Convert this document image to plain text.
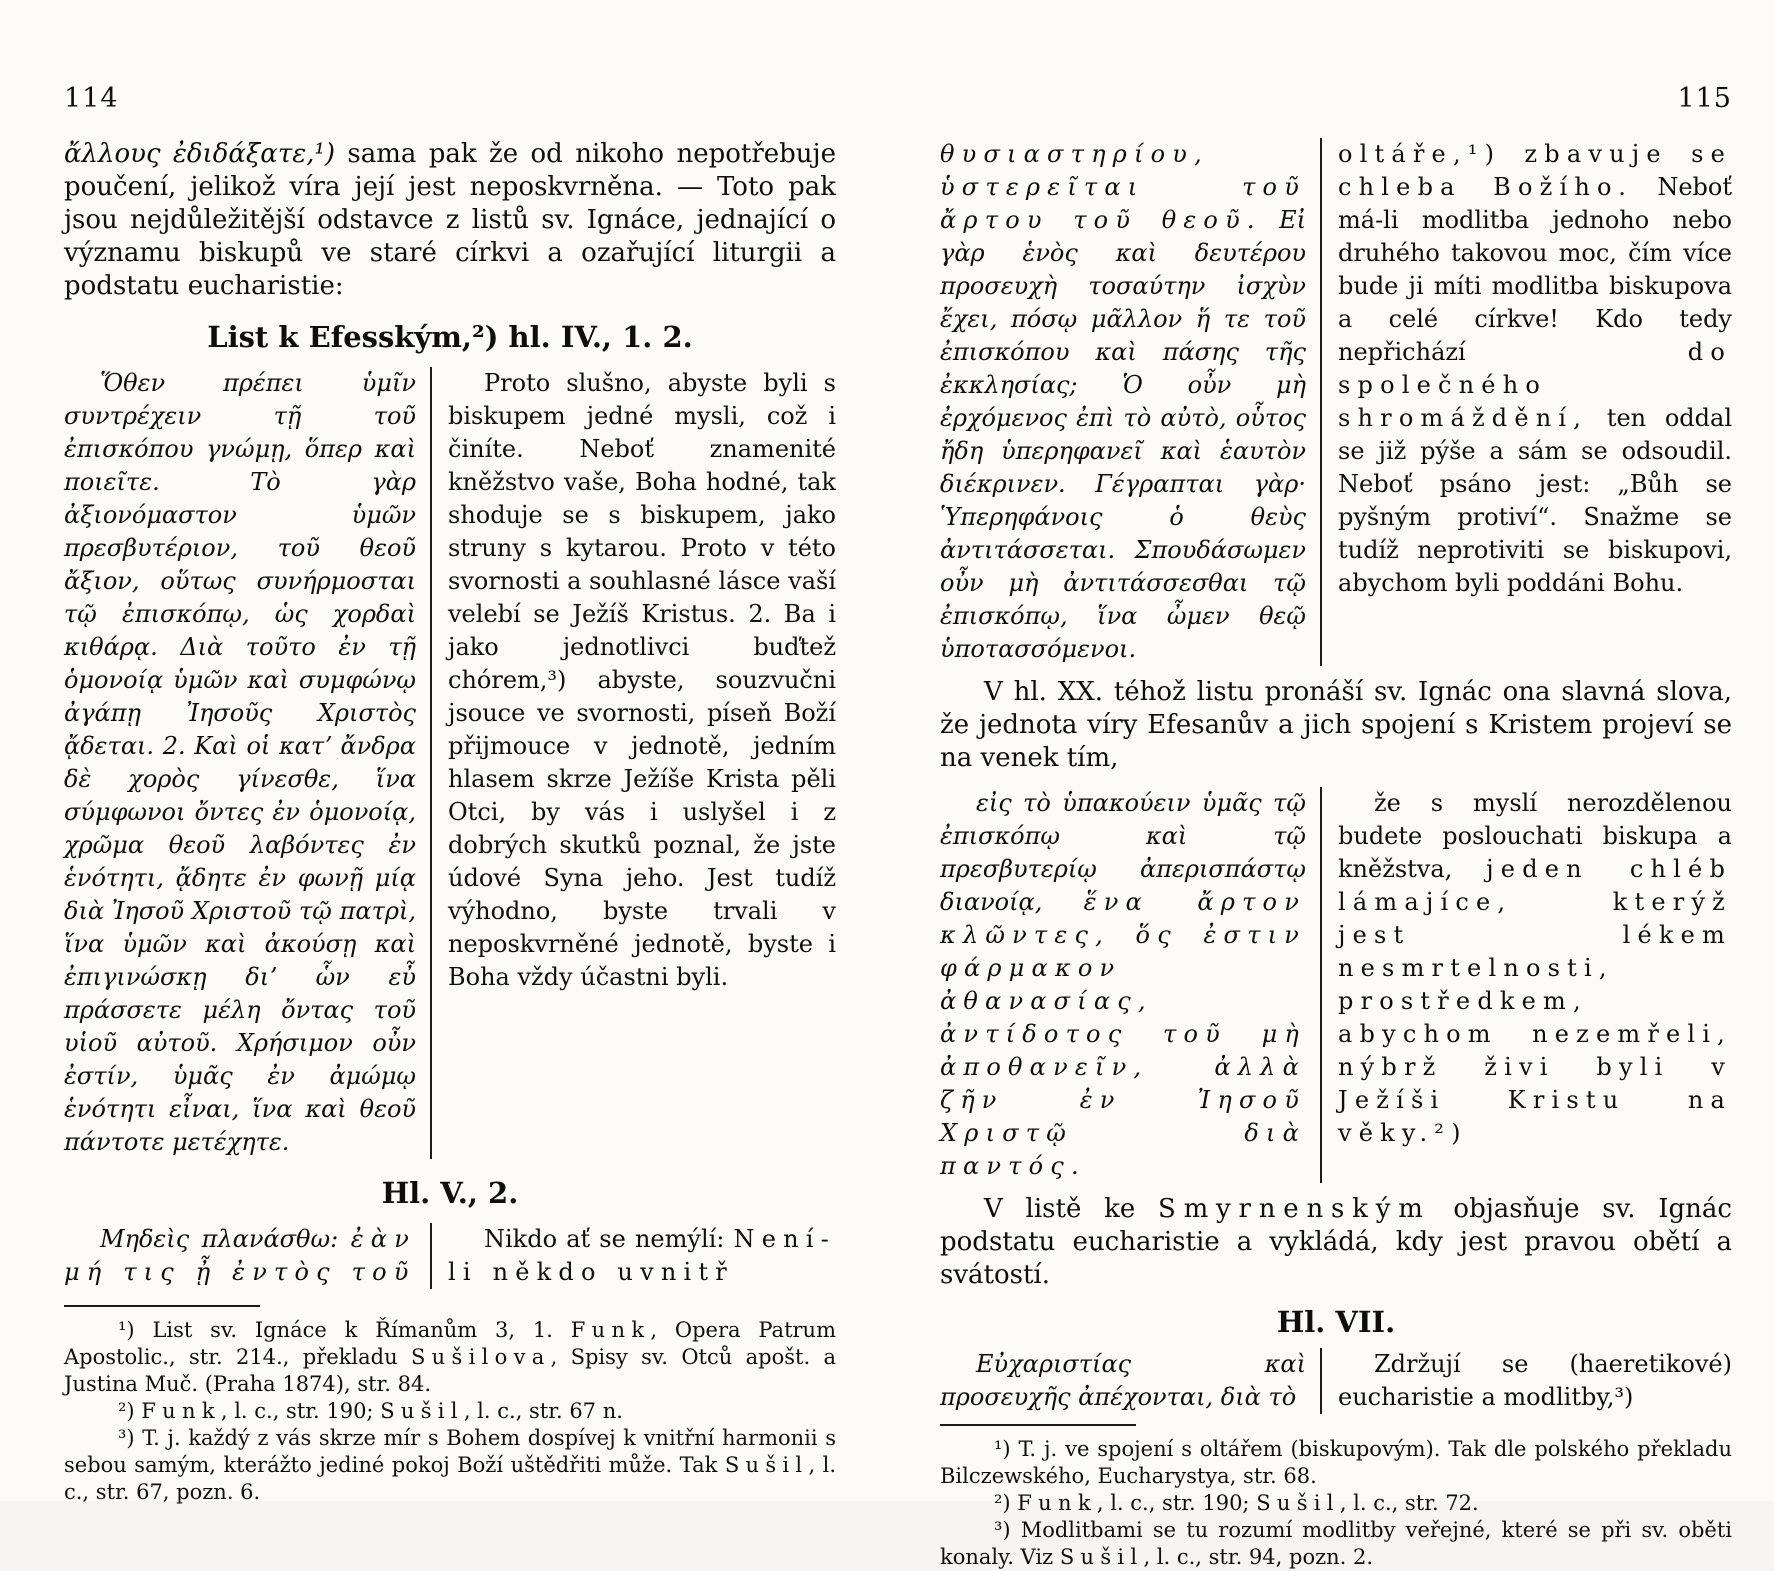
114

ἄλλους ἐδιδάξατε,¹) sama pak že od nikoho nepotřebuje poučení, jelikož víra její jest neposkvrněna. — Toto pak jsou nejdůležitější odstavce z listů sv. Ignáce, jednající o významu biskupů ve staré církvi a ozařující liturgii a podstatu eucharistie:

List k Efesským,²) hl. IV., 1. 2.
Ὅθεν πρέπει ὑμῖν συντρέχειν τῇ τοῦ ἐπισκόπου γνώμῃ, ὅπερ καὶ ποιεῖτε. Τὸ γὰρ ἀξιονόμαστον ὑμῶν πρεσβυτέριον, τοῦ θεοῦ ἄξιον, οὕτως συνήρμοσται τῷ ἐπισκόπῳ, ὡς χορδαὶ κιθάρᾳ. Διὰ τοῦτο ἐν τῇ ὁμονοίᾳ ὑμῶν καὶ συμφώνῳ ἀγάπῃ Ἰησοῦς Χριστὸς ᾄδεται. 2. Καὶ οἱ κατʼ ἄνδρα δὲ χορὸς γίνεσθε, ἵνα σύμφωνοι ὄντες ἐν ὁμονοίᾳ, χρῶμα θεοῦ λαβόντες ἐν ἑνότητι, ᾄδητε ἐν φωνῇ μίᾳ διὰ Ἰησοῦ Χριστοῦ τῷ πατρὶ, ἵνα ὑμῶν καὶ ἀκούσῃ καὶ ἐπιγινώσκῃ διʼ ὧν εὖ πράσσετε μέλη ὄντας τοῦ υἱοῦ αὐτοῦ. Χρήσιμον οὖν ἐστίν, ὑμᾶς ἐν ἀμώμῳ ἑνότητι εἶναι, ἵνα καὶ θεοῦ πάντοτε μετέχητε.
Proto slušno, abyste byli s biskupem jedné mysli, což i činíte. Neboť znamenité kněžstvo vaše, Boha hodné, tak shoduje se s biskupem, jako struny s kytarou. Proto v této svornosti a souhlasné lásce vaší velebí se Ježíš Kristus. 2. Ba i jako jednotlivci buďtež chórem,³) abyste, souzvučni jsouce ve svornosti, píseň Boží přijmouce v jednotě, jedním hlasem skrze Ježíše Krista pěli Otci, by vás i uslyšel i z dobrých skutků poznal, že jste údové Syna jeho. Jest tudíž výhodno, byste trvali v neposkvrněné jednotě, byste i Boha vždy účastni byli.
Hl. V., 2.
Μηδεὶς πλανάσθω: ἐὰν μή τις ᾖ ἐντὸς τοῦ
Nikdo ať se nemýlí: Není-li někdo uvnitř

¹) List sv. Ignáce k Římanům 3, 1. Funk, Opera Patrum Apostolic., str. 214., překladu Sušilova, Spisy sv. Otců apošt. a Justina Muč. (Praha 1874), str. 84.

²) Funk, l. c., str. 190; Sušil, l. c., str. 67 n.

³) T. j. každý z vás skrze mír s Bohem dospívej k vnitřní harmonii s sebou samým, kterážto jediné pokoj Boží uštědřiti může. Tak Sušil, l. c., str. 67, pozn. 6.

115
θυσιαστηρίου, ὑστερεῖται τοῦ ἄρτου τοῦ θεοῦ. Εἰ γὰρ ἑνὸς καὶ δευτέρου προσευχὴ τοσαύτην ἰσχὺν ἔχει, πόσῳ μᾶλλον ἥ τε τοῦ ἐπισκόπου καὶ πάσης τῆς ἐκκλησίας; Ὁ οὖν μὴ ἐρχόμενος ἐπὶ τὸ αὐτὸ, οὗτος ἤδη ὑπερηφανεῖ καὶ ἑαυτὸν διέκρινεν. Γέγραπται γὰρ· Ὑπερηφάνοις ὁ θεὺς ἀντιτάσσεται. Σπουδάσωμεν οὖν μὴ ἀντιτάσσεσθαι τῷ ἐπισκόπῳ, ἵνα ὦμεν θεῷ ὑποτασσόμενοι.
oltáře,¹) zbavuje se chleba Božího. Neboť má-li modlitba jednoho nebo druhého takovou moc, čím více bude ji míti modlitba biskupova a celé církve! Kdo tedy nepřichází do společného shromáždění, ten oddal se již pýše a sám se odsoudil. Neboť psáno jest: „Bůh se pyšným protiví“. Snažme se tudíž neprotiviti se biskupovi, abychom byli poddáni Bohu.

V hl. XX. téhož listu pronáší sv. Ignác ona slavná slova, že jednota víry Efesanův a jich spojení s Kristem projeví se na venek tím,

εἰς τὸ ὑπακούειν ὑμᾶς τῷ ἐπισκόπῳ καὶ τῷ πρεσβυτερίῳ ἀπερισπάστῳ διανοίᾳ, ἕνα ἄρτον κλῶντες, ὅς ἐστιν φάρμακον ἀθανασίας, ἀντίδοτος τοῦ μὴ ἀποθανεῖν, ἀλλὰ ζῆν ἐν Ἰησοῦ Χριστῷ διὰ παντός.
že s myslí nerozdělenou budete poslouchati biskupa a kněžstva, jeden chléb lámajíce, kterýž jest lékem nesmrtelnosti, prostředkem, abychom nezemřeli, nýbrž živi byli v Ježíši Kristu na věky.²)

V listě ke Smyrnenským objasňuje sv. Ignác podstatu eucharistie a vykládá, kdy jest pravou obětí a svátostí.

Hl. VII.
Εὐχαριστίας καὶ προσευχῆς ἀπέχονται, διὰ τὸ
Zdržují se (haeretikové) eucharistie a modlitby,³)

¹) T. j. ve spojení s oltářem (biskupovým). Tak dle polského překladu Bilczewského, Eucharystya, str. 68.

²) Funk, l. c., str. 190; Sušil, l. c., str. 72.

³) Modlitbami se tu rozumí modlitby veřejné, které se při sv. oběti konaly. Viz Sušil, l. c., str. 94, pozn. 2.
